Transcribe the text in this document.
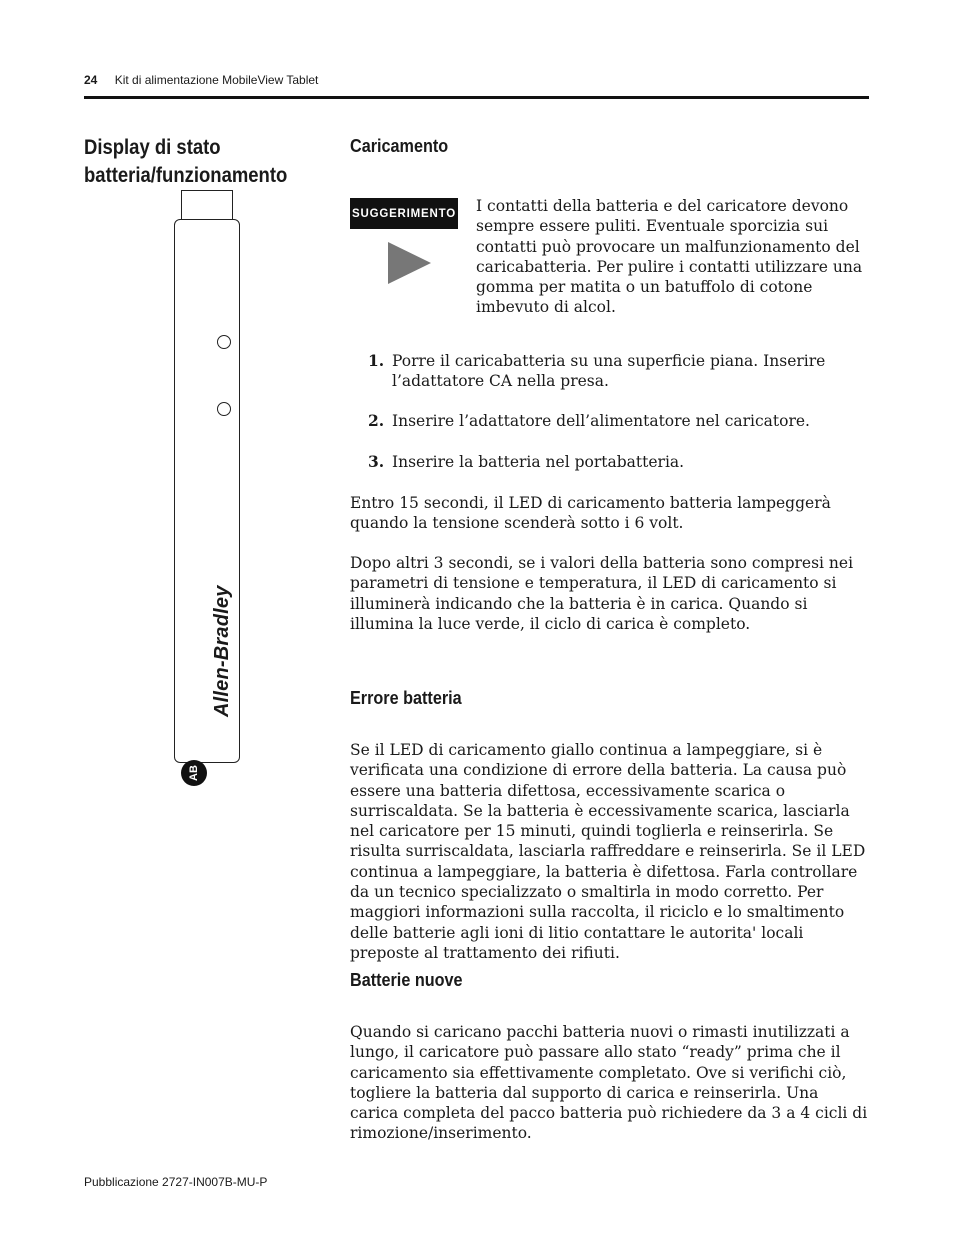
24 Kit di alimentazione MobileView Tablet
Display di stato batteria/funzionamento
Allen-Bradley
AB
Caricamento
SUGGERIMENTO I contatti della batteria e del caricatore devono sempre essere puliti. Eventuale sporcizia sui contatti può provocare un malfunzionamento del caricabatteria. Per pulire i contatti utilizzare una gomma per matita o un batuffolo di cotone imbevuto di alcol.
1. Porre il caricabatteria su una superficie piana. Inserire l’adattatore CA nella presa.
2. Inserire l’adattatore dell’alimentatore nel caricatore.
3. Inserire la batteria nel portabatteria.
Entro 15 secondi, il LED di caricamento batteria lampeggerà quando la tensione scenderà sotto i 6 volt.
Dopo altri 3 secondi, se i valori della batteria sono compresi nei parametri di tensione e temperatura, il LED di caricamento si illuminerà indicando che la batteria è in carica. Quando si illumina la luce verde, il ciclo di carica è completo.
Errore batteria
Se il LED di caricamento giallo continua a lampeggiare, si è verificata una condizione di errore della batteria. La causa può essere una batteria difettosa, eccessivamente scarica o surriscaldata. Se la batteria è eccessivamente scarica, lasciarla nel caricatore per 15 minuti, quindi toglierla e reinserirla. Se risulta surriscaldata, lasciarla raffreddare e reinserirla. Se il LED continua a lampeggiare, la batteria è difettosa. Farla controllare da un tecnico specializzato o smaltirla in modo corretto. Per maggiori informazioni sulla raccolta, il riciclo e lo smaltimento delle batterie agli ioni di litio contattare le autorita' locali preposte al trattamento dei rifiuti.
Batterie nuove
Quando si caricano pacchi batteria nuovi o rimasti inutilizzati a lungo, il caricatore può passare allo stato “ready” prima che il caricamento sia effettivamente completato. Ove si verifichi ciò, togliere la batteria dal supporto di carica e reinserirla. Una carica completa del pacco batteria può richiedere da 3 a 4 cicli di rimozione/inserimento.
Pubblicazione 2727-IN007B-MU-P
